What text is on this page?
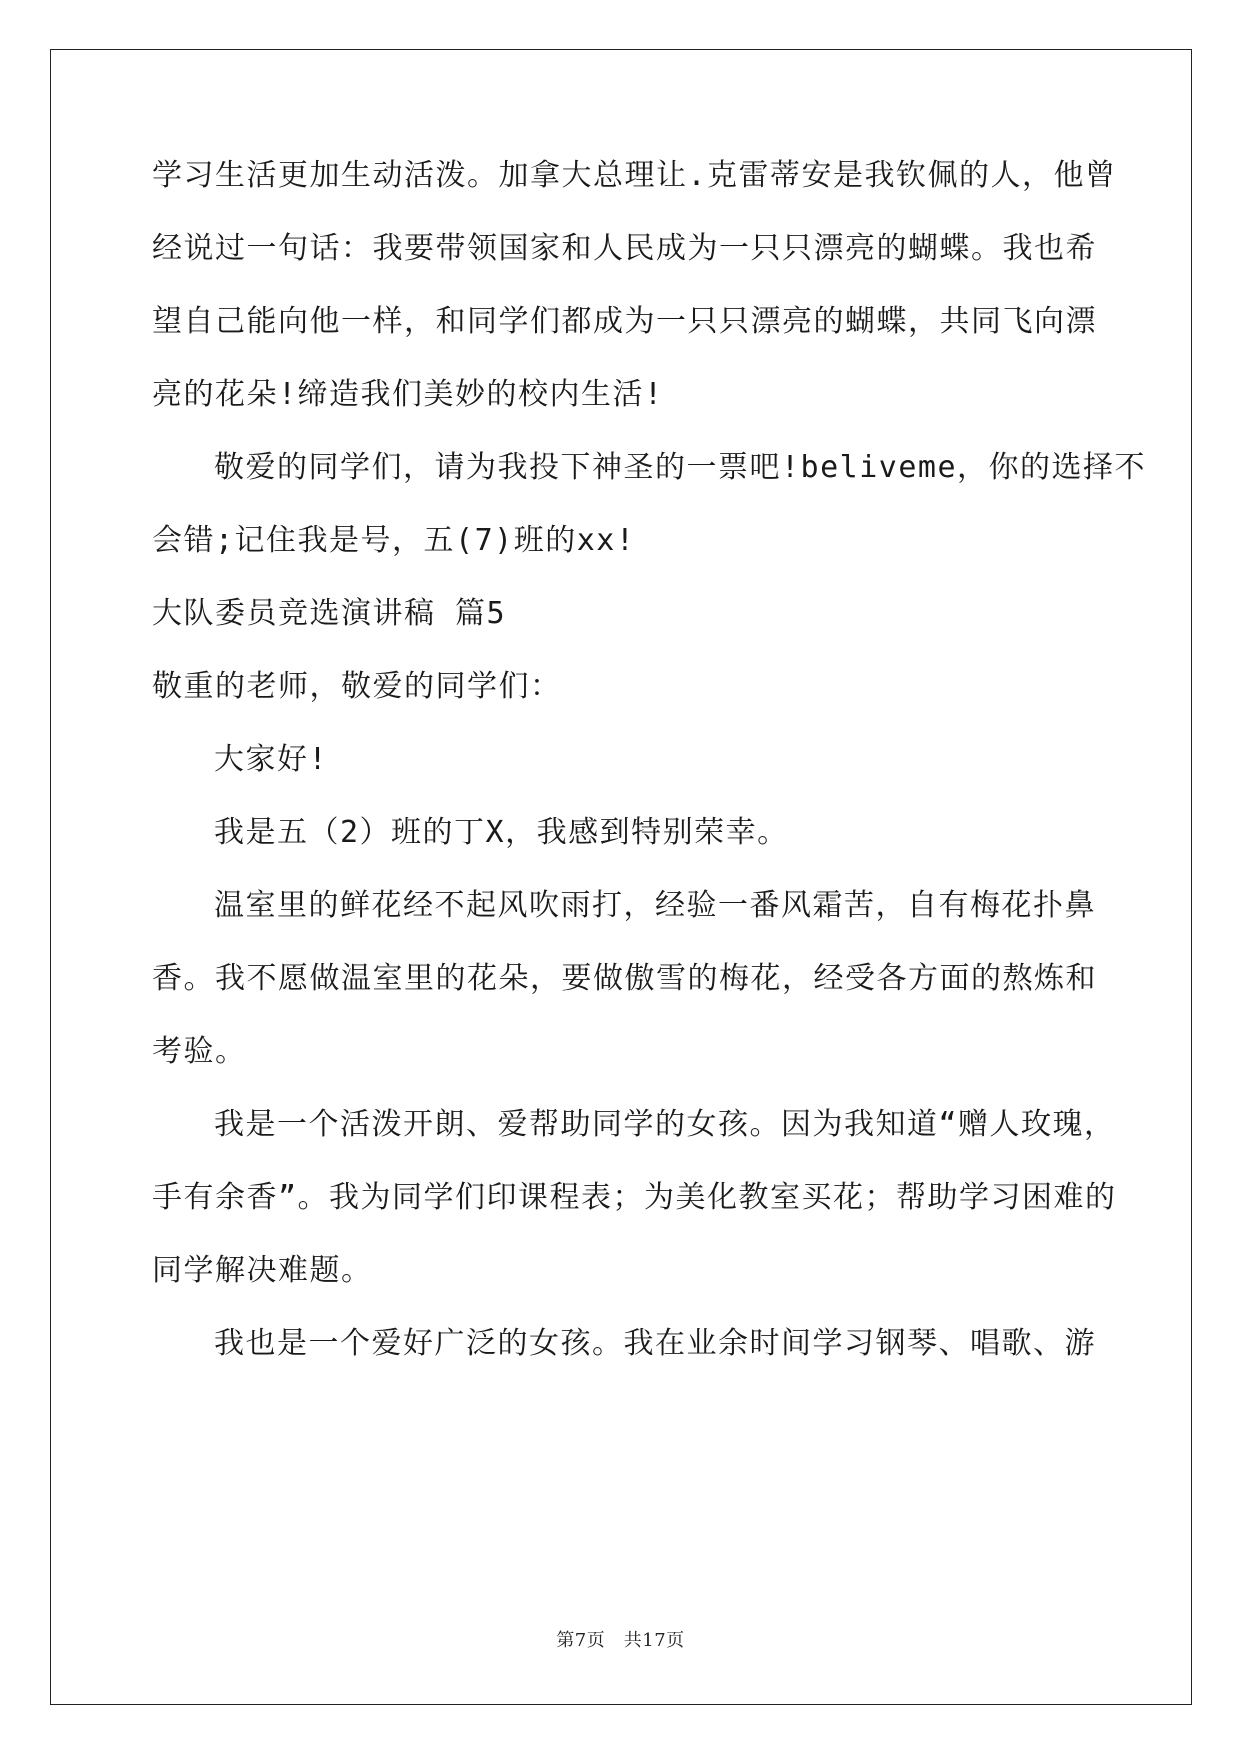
学习生活更加生动活泼。加拿大总理让.克雷蒂安是我钦佩的人，他曾
经说过一句话：我要带领国家和人民成为一只只漂亮的蝴蝶。我也希
望自己能向他一样，和同学们都成为一只只漂亮的蝴蝶，共同飞向漂
亮的花朵!缔造我们美妙的校内生活!
敬爱的同学们，请为我投下神圣的一票吧!beliveme，你的选择不
会错;记住我是号，五(7)班的xx!
大队委员竞选演讲稿 篇5
敬重的老师，敬爱的同学们：
大家好!
我是五（2）班的丁X，我感到特别荣幸。
温室里的鲜花经不起风吹雨打，经验一番风霜苦，自有梅花扑鼻
香。我不愿做温室里的花朵，要做傲雪的梅花，经受各方面的熬炼和
考验。
我是一个活泼开朗、爱帮助同学的女孩。因为我知道“赠人玫瑰，
手有余香”。我为同学们印课程表；为美化教室买花；帮助学习困难的
同学解决难题。
我也是一个爱好广泛的女孩。我在业余时间学习钢琴、唱歌、游
第7页　共17页
